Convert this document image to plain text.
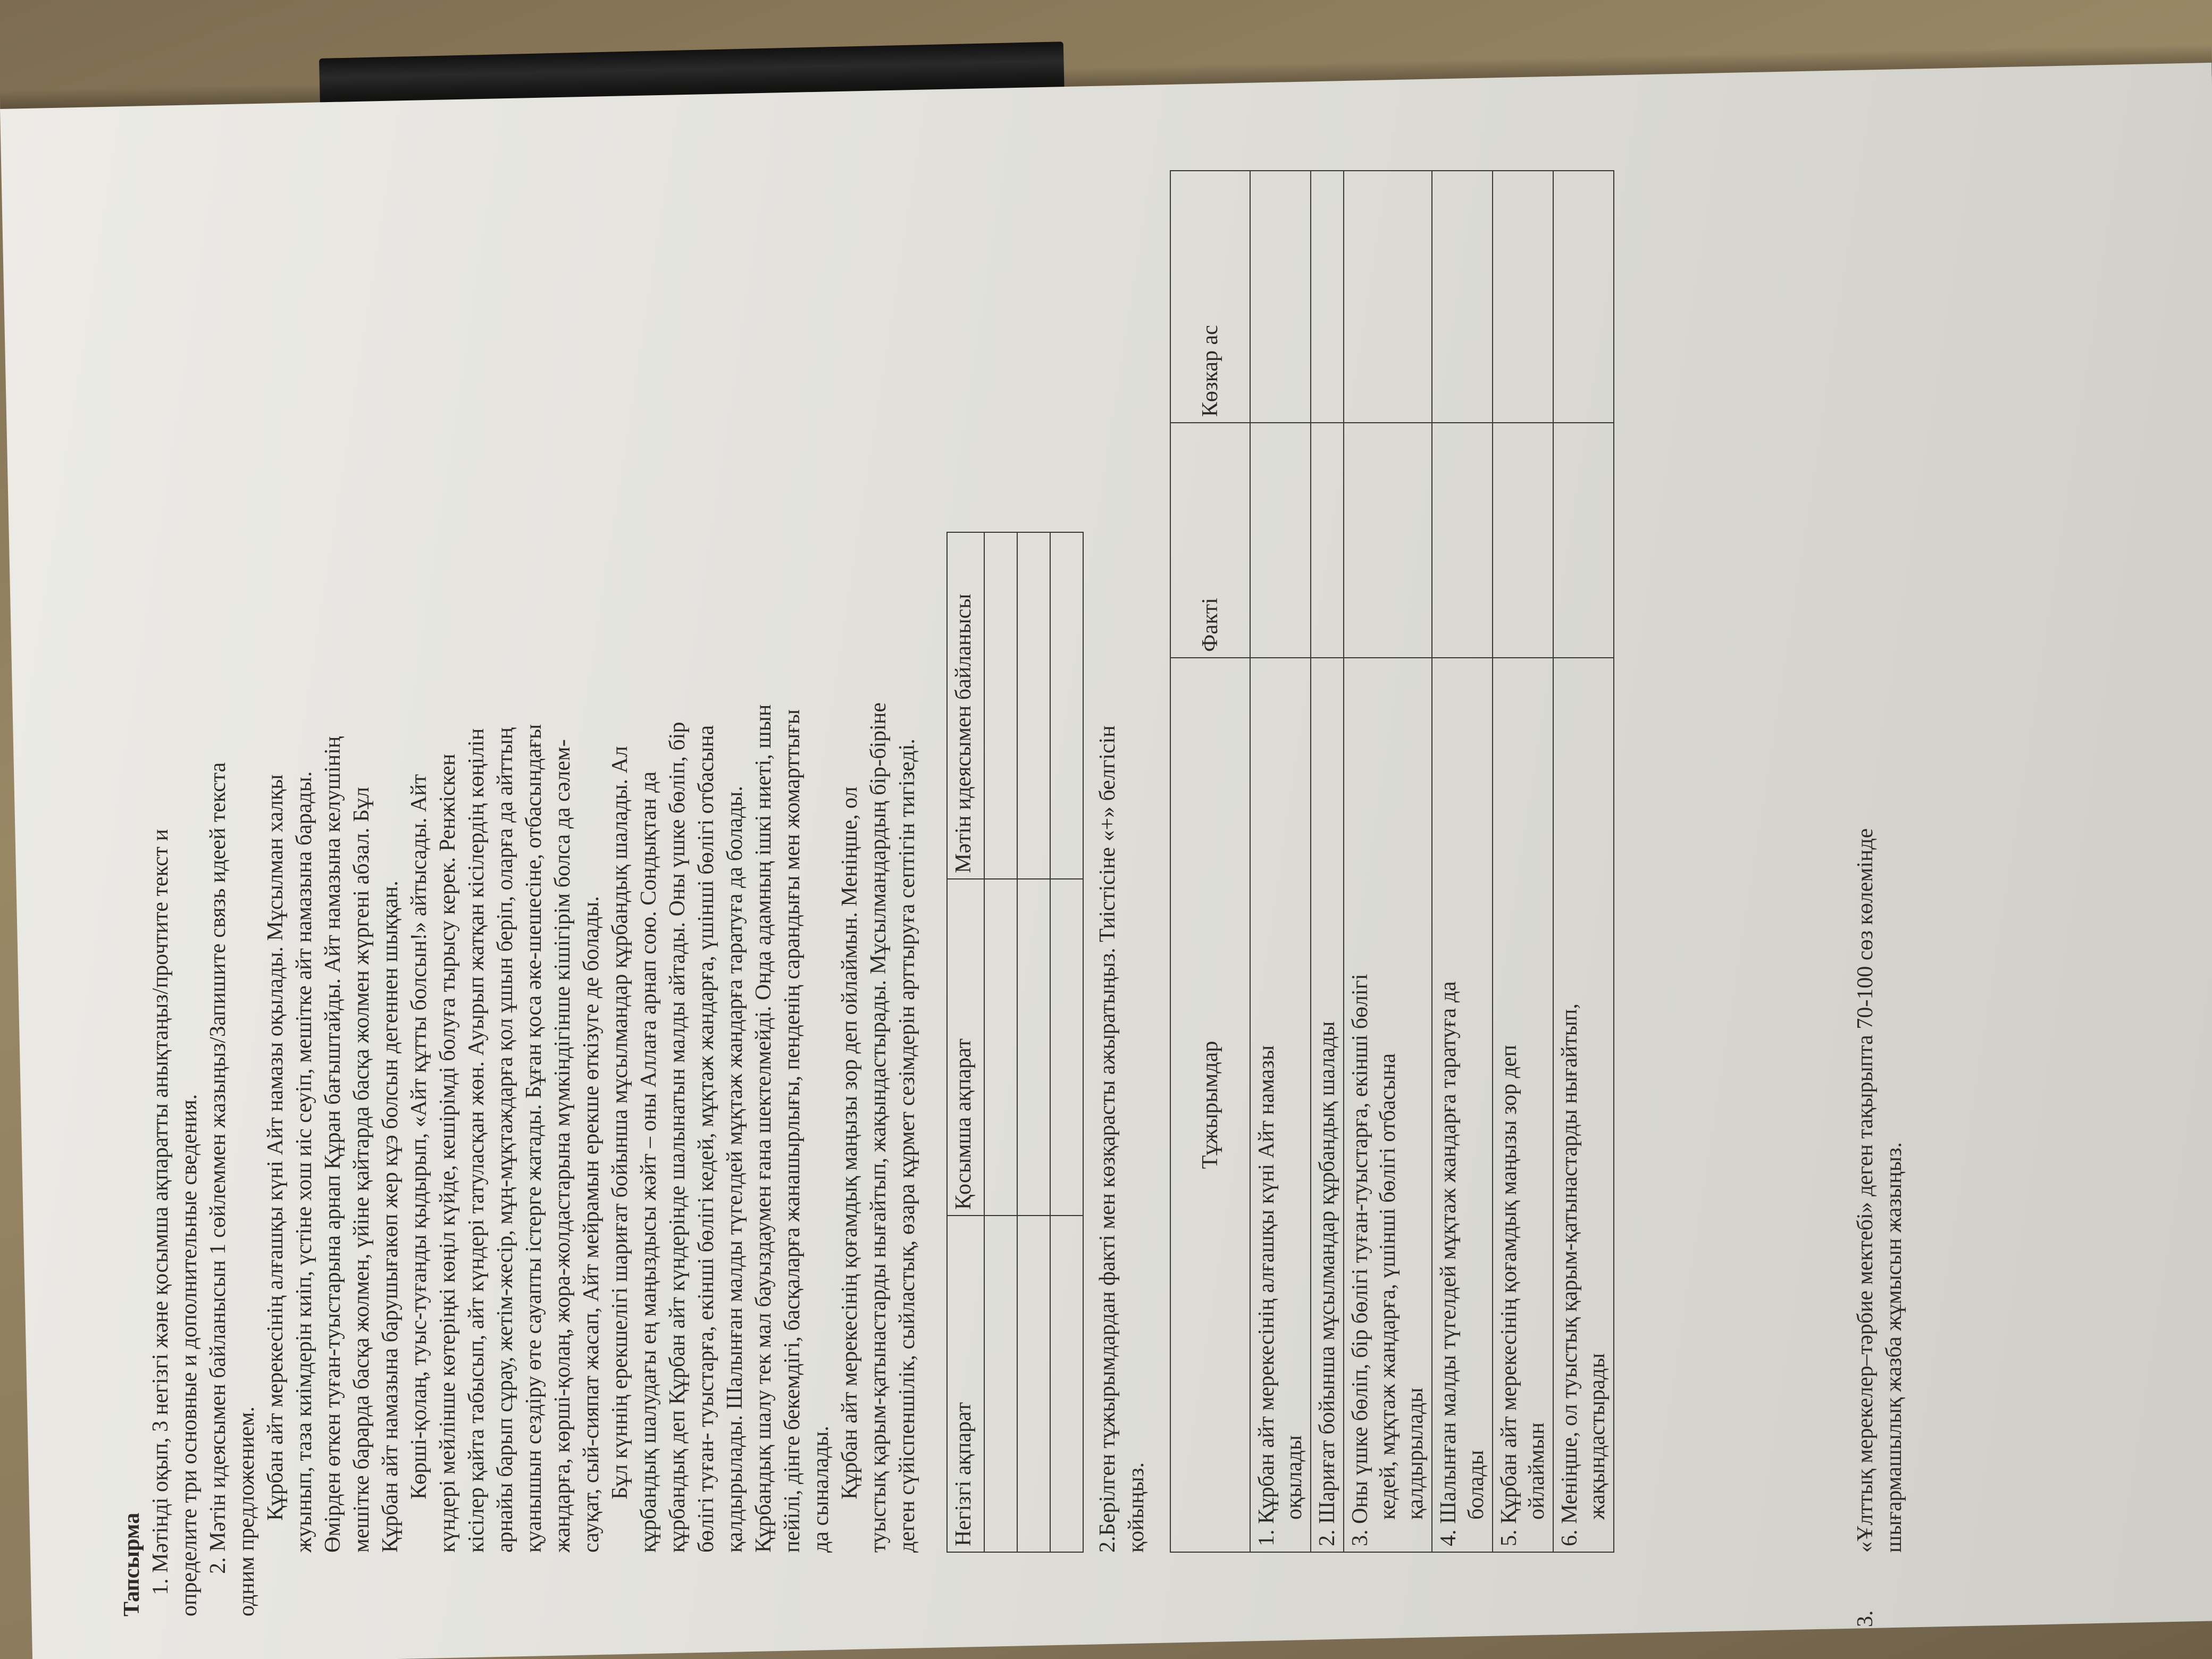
Тапсырма 1. Мәтінді оқып, 3 негізгі және қосымша ақпаратты анықтаңыз/прочтите текст и определите три основные и дополнительные сведения. 2. Мәтін идеясымен байланысын 1 сөйлеммен жазыңыз/Запишите связь идеей текста одним предложением. Құрбан айт мерекесінің алғашқы күні Айт намазы оқылады. Мұсылман халқы жуынып, таза киімдерін киіп, үстіне хош иіс сеуіп, мешітке айт намазына барады. Өмірден өткен туған-туыстарына арнап Құран бағыштайды. Айт намазына келушінің мешітке барарда басқа жолмен, үйіне қайтарда басқа жолмен жүргені абзал. Бұл Құрбан айт намазына барушығакөп жер кұэ болсын дегеннен шыққан. Көрші-қолаң, туыс-туғанды қыдырып, «Айт құтты болсын!» айтысады. Айт күндері мейлінше көтеріңкі көңіл күйде, кешірімді болуға тырысу керек. Ренжіскен кісілер қайта табысып, айт күндері татуласқан жөн. Ауырып жатқан кісілердің көңілін арнайы барып сұрау, жетім-жесір, мұң-мұқтаждарға қол ұшын беріп, оларға да айттың қуанышын сездіру өте сауапты істерге жатады. Бұған қоса әке-шешесіне, отбасындағы жандарға, көрші-қолаң, жора-жолдастарына мүмкіндігінше кішігірім болса да сәлем- сауқат, сый-сияпат жасап, Айт мейрамын ерекше өткізуге де болады. Бұл күннің ерекшелігі шариғат бойынша мұсылмандар құрбандық шалады. Ал құрбандық шалудағы ең маңыздысы жәйт – оны Аллаға арнап сою. Сондықтан да құрбандық деп Құрбан айт күндерінде шалынатын малды айтады. Оны үшке бөліп, бір бөлігі туған- туыстарға, екінші бөлігі кедей, мұқтаж жандарға, үшінші бөлігі отбасына қалдырылады. Шалынған малды түгелдей мұқтаж жандарға таратуға да болады. Құрбандық шалу тек мал бауыздаумен ғана шектелмейді. Онда адамның ішкі ниеті, шын пейілі, дінге бекемдігі, басқаларға жанашырлығы, пенденің сарандығы мен жомарттығы да сыналады. Құрбан айт мерекесінің қоғамдық маңызы зор деп ойлаймын. Меніңше, ол туыстық қарым-қатынастарды нығайтып, жақындастырады. Мұсылмандардың бір-біріне деген сүйіспеншілік, сыйластық, өзара құрмет сезімдерін арттыруға септігін тигізеді. Негізгі ақпарат	Қосымша ақпарат	Мәтін идеясымен байланысы

			2.Берілген тұжырымдардан факті мен көзқарасты ажыратыңыз. Тиістісіне «+» белгісін қойыңыз.
Тұжырымдар	Факті	Көзкар ас

1. Құрбан айт мерекесінің алғашқы күні Айт намазы оқылады		

2. Шариғат бойынша мұсылмандар құрбандық шалады		

3. Оны үшке бөліп, бір бөлігі туған-туыстарға, екінші бөлігі кедей, мұқтаж жандарға, үшінші бөлігі отбасына қалдырылады		

4. Шалынған малды түгелдей мұқтаж жандарға таратуға да болады		

5. Құрбан айт мерекесінің қоғамдық маңызы зор деп ойлаймын		

6. Меніңше, ол туыстық қарым-қатынастарды нығайтып, жақындастырады		

3.
«Ұлттық мерекелер–тәрбие мектебі» деген тақырыпта 70-100 сөз көлемінде шығармашылық жазба жұмысын жазыңыз.
